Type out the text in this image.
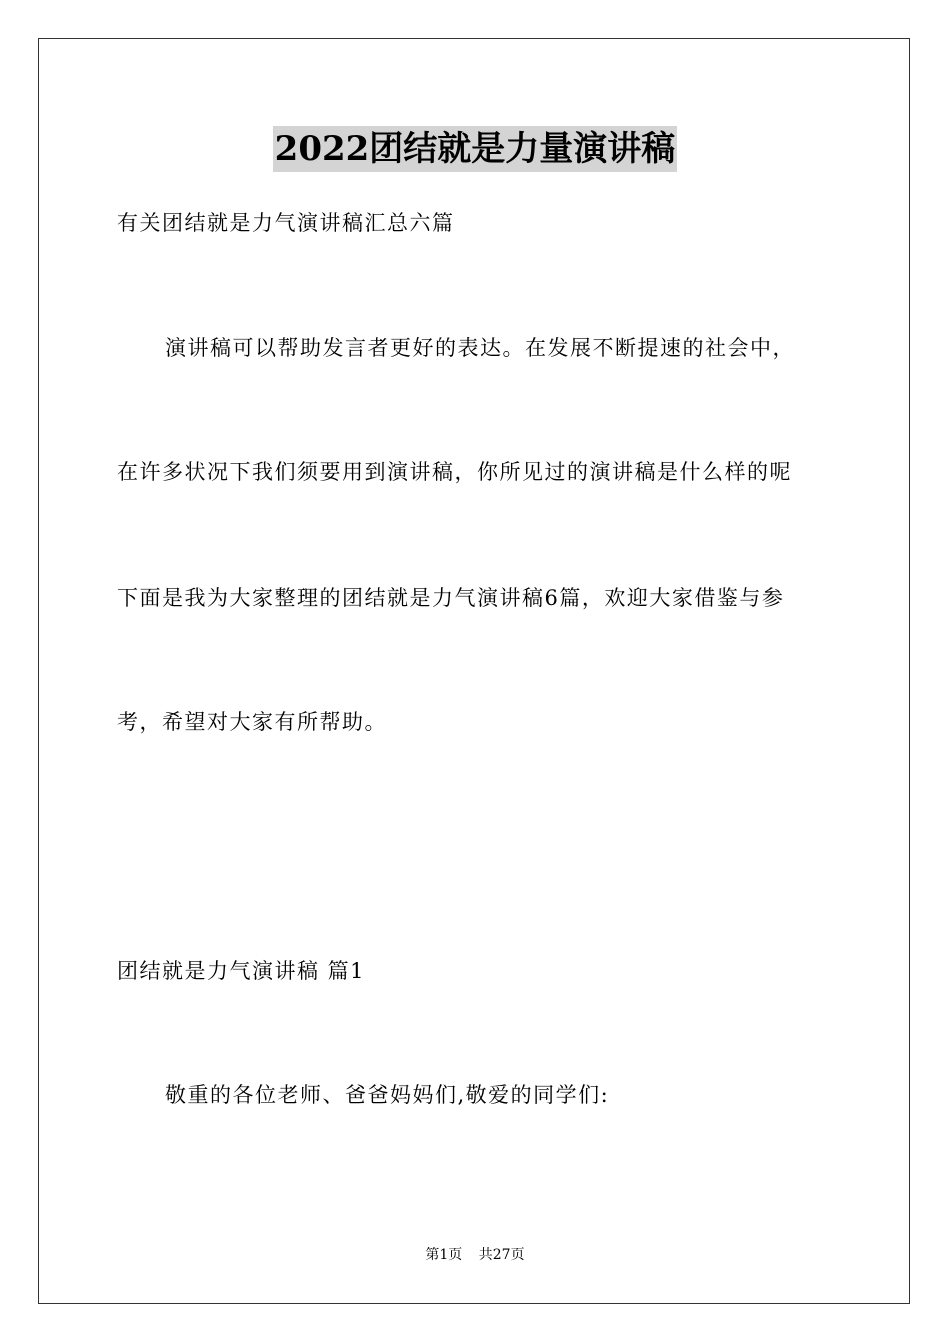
2022团结就是力量演讲稿
有关团结就是力气演讲稿汇总六篇
演讲稿可以帮助发言者更好的表达。在发展不断提速的社会中，
在许多状况下我们须要用到演讲稿，你所见过的演讲稿是什么样的呢
下面是我为大家整理的团结就是力气演讲稿6篇，欢迎大家借鉴与参
考，希望对大家有所帮助。
团结就是力气演讲稿 篇1
敬重的各位老师、爸爸妈妈们,敬爱的同学们:
第1页 共27页
